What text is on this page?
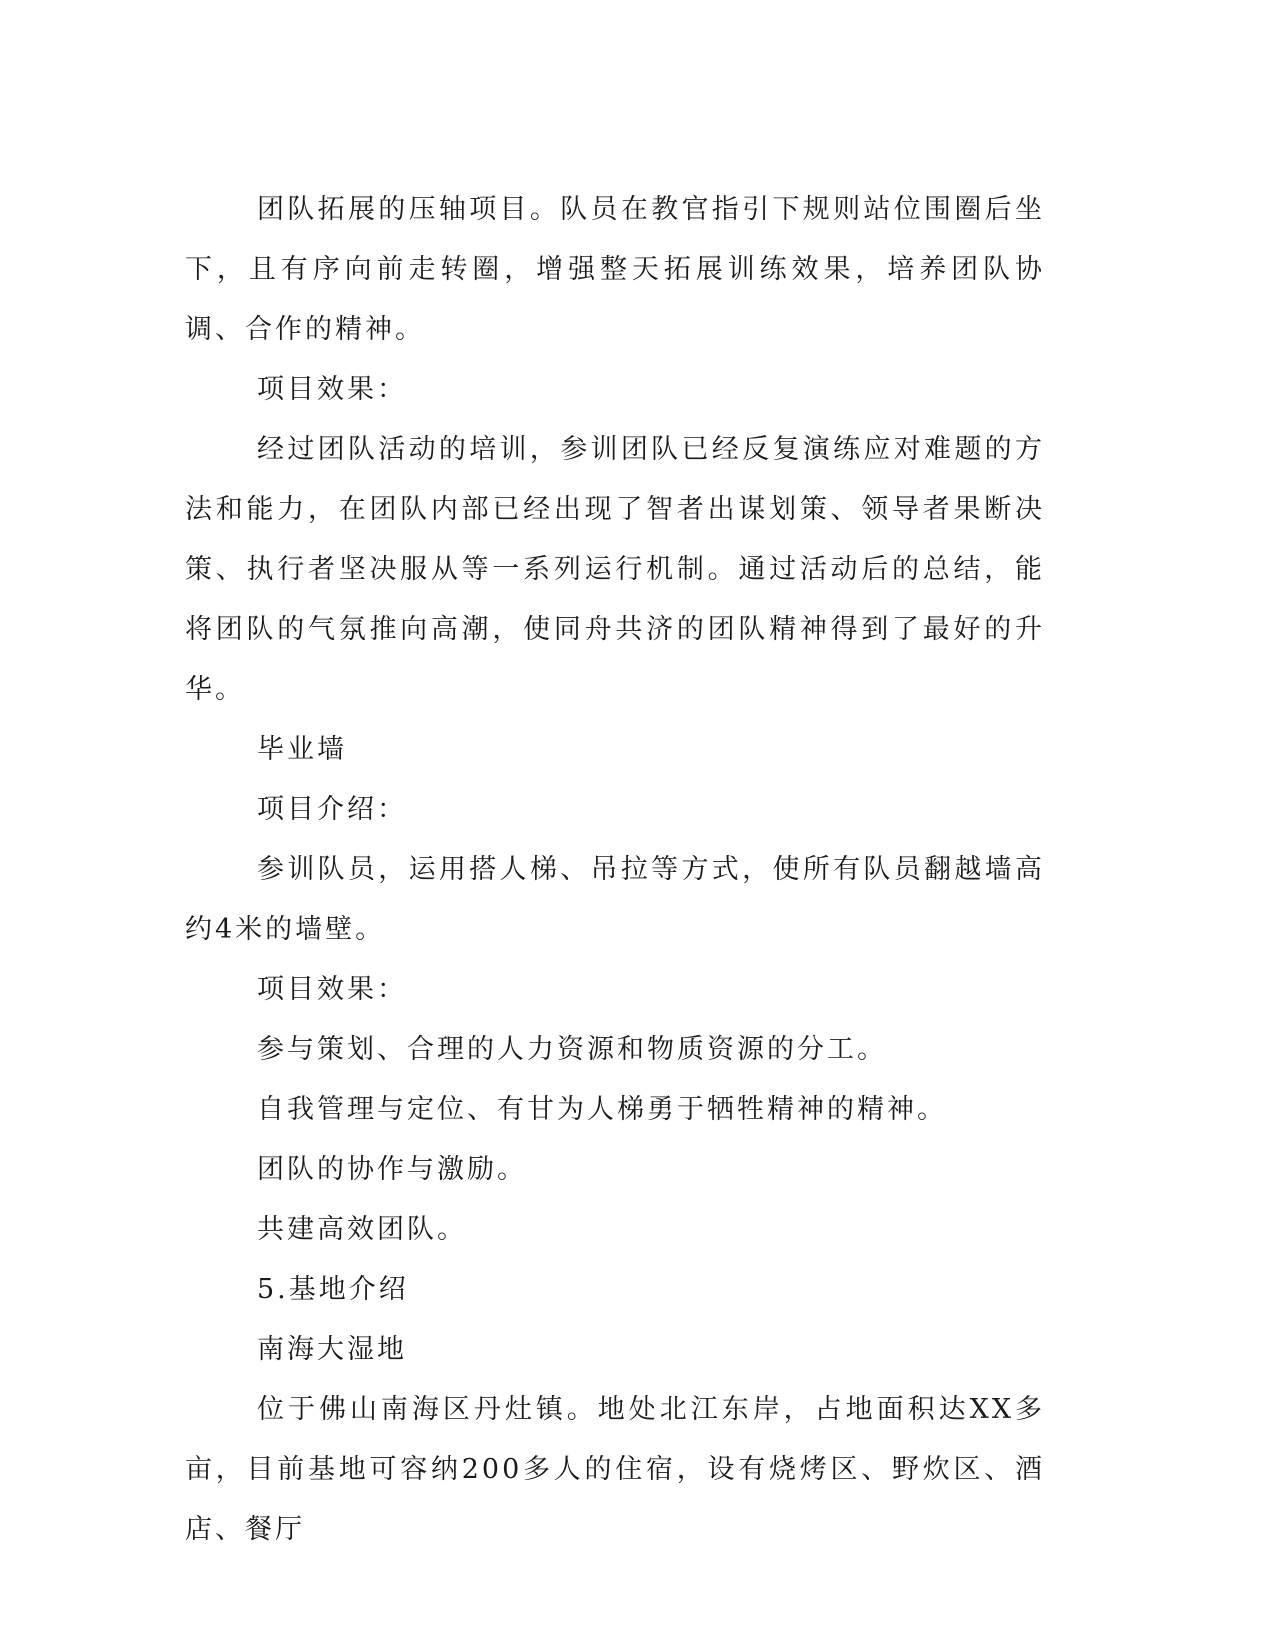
团队拓展的压轴项目。队员在教官指引下规则站位围圈后坐下，且有序向前走转圈，增强整天拓展训练效果，培养团队协调、合作的精神。

项目效果：

经过团队活动的培训，参训团队已经反复演练应对难题的方法和能力，在团队内部已经出现了智者出谋划策、领导者果断决策、执行者坚决服从等一系列运行机制。通过活动后的总结，能将团队的气氛推向高潮，使同舟共济的团队精神得到了最好的升华。

毕业墙

项目介绍：

参训队员，运用搭人梯、吊拉等方式，使所有队员翻越墙高约4米的墙壁。

项目效果：

参与策划、合理的人力资源和物质资源的分工。

自我管理与定位、有甘为人梯勇于牺牲精神的精神。

团队的协作与激励。

共建高效团队。

5.基地介绍

南海大湿地

位于佛山南海区丹灶镇。地处北江东岸，占地面积达XX多亩，目前基地可容纳200多人的住宿，设有烧烤区、野炊区、酒店、餐厅
